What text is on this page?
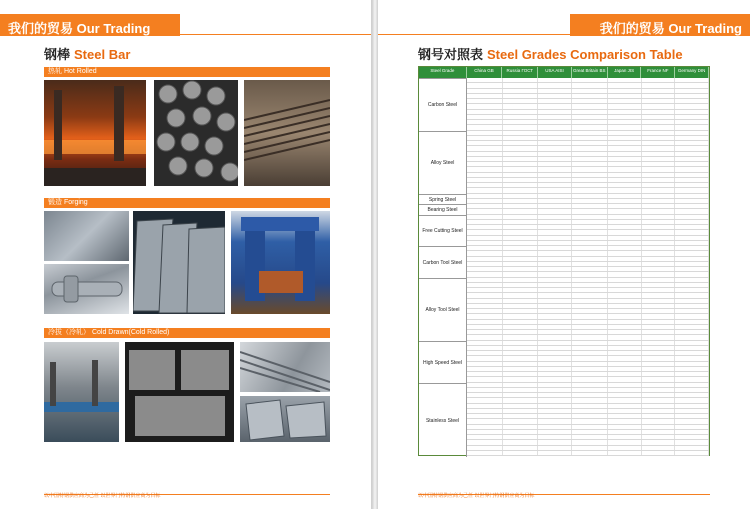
我们的贸易 Our Trading
钢棒 Steel Bar
热轧 Hot Rolled
锻造 Forging
冷拔（冷轧） Cold Drawn(Cold Rolled)
以中国特钢供应商为己任 以世界门特钢供应商为目标
我们的贸易 Our Trading
钢号对照表 Steel Grades Comparison Table
Steel Grade	China GB	Russia ГОСТ	USA AISI	Great Britain BS	Japan JIS	France NF	Germany DIN
Carbon Steel
Alloy Steel
Spring Steel
Bearing Steel
Free Cutting Steel
Carbon Tool Steel
Alloy Tool Steel
High Speed Steel
Stainless Steel
以中国特钢供应商为己任 以世界门特钢供应商为目标
